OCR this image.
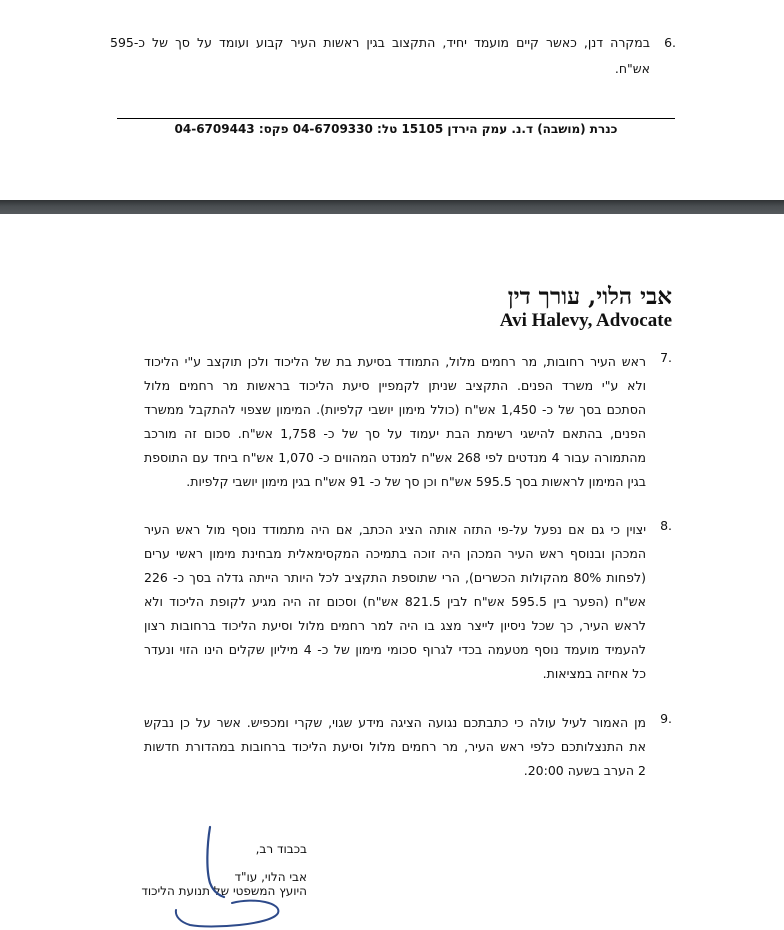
6.
במקרה דנן, כאשר קיים מועמד יחיד, התקצוב בגין ראשות העיר קבוע ועומד על סך של כ-595
אש"ח.
כנרת (מושבה) ד.נ. עמק הירדן 15105 טל: 04-6709330 פקס: 04-6709443
אבי הלוי, עורך דין
Avi Halevy, Advocate
7.
ראש העיר רחובות, מר רחמים מלול, התמודד בסיעת בת של הליכוד ולכן תוקצב ע"י הליכוד
ולא ע"י משרד הפנים. התקציב שניתן לקמפיין סיעת הליכוד בראשות מר רחמים מלול
הסתכם בסך של כ- 1,450 אש"ח (כולל מימון יושבי קלפיות). המימון שצפוי להתקבל ממשרד
הפנים, בהתאם להישגי רשימת הבת יעמוד על סך של כ- 1,758 אש"ח. סכום זה מורכב
מהתמורה עבור 4 מנדטים לפי 268 אש"ח למנדט המהווים כ- 1,070 אש"ח ביחד עם התוספת
בגין המימון לראשות בסך 595.5 אש"ח וכן סך של כ- 91 אש"ח בגין מימון יושבי קלפיות.
8.
יצוין כי גם אם נפעל על-פי התזה אותה הציג הכתב, אם היה מתמודד נוסף מול ראש העיר
המכהן ובנוסף ראש העיר המכהן היה זוכה בתמיכה המקסימאלית מבחינת מימון ראשי ערים
(לפחות 80% מהקולות הכשרים), הרי שתוספת התקציב לכל היותר הייתה גדלה בסך כ- 226
אש"ח (הפער בין 595.5 אש"ח לבין 821.5 אש"ח) וסכום זה היה מגיע לקופת הליכוד ולא
לראש העיר, כך שכל ניסיון לייצר מצג בו היה למר רחמים מלול וסיעת הליכוד ברחובות רצון
להעמיד מועמד נוסף מטעמה בכדי לגרוף סכומי מימון של כ- 4 מיליון שקלים הינו הזוי ונעדר
כל אחיזה במציאות.
9.
מן האמור לעיל עולה כי כתבתכם נגועה הציגה מידע שגוי, שקרי ומכפיש. אשר על כן נבקש
את התנצלותכם כלפי ראש העיר, מר רחמים מלול וסיעת הליכוד ברחובות במהדורת חדשות
2 הערב בשעה 20:00.
בכבוד רב,
אבי הלוי, עו"ד
היועץ המשפטי של תנועת הליכוד
